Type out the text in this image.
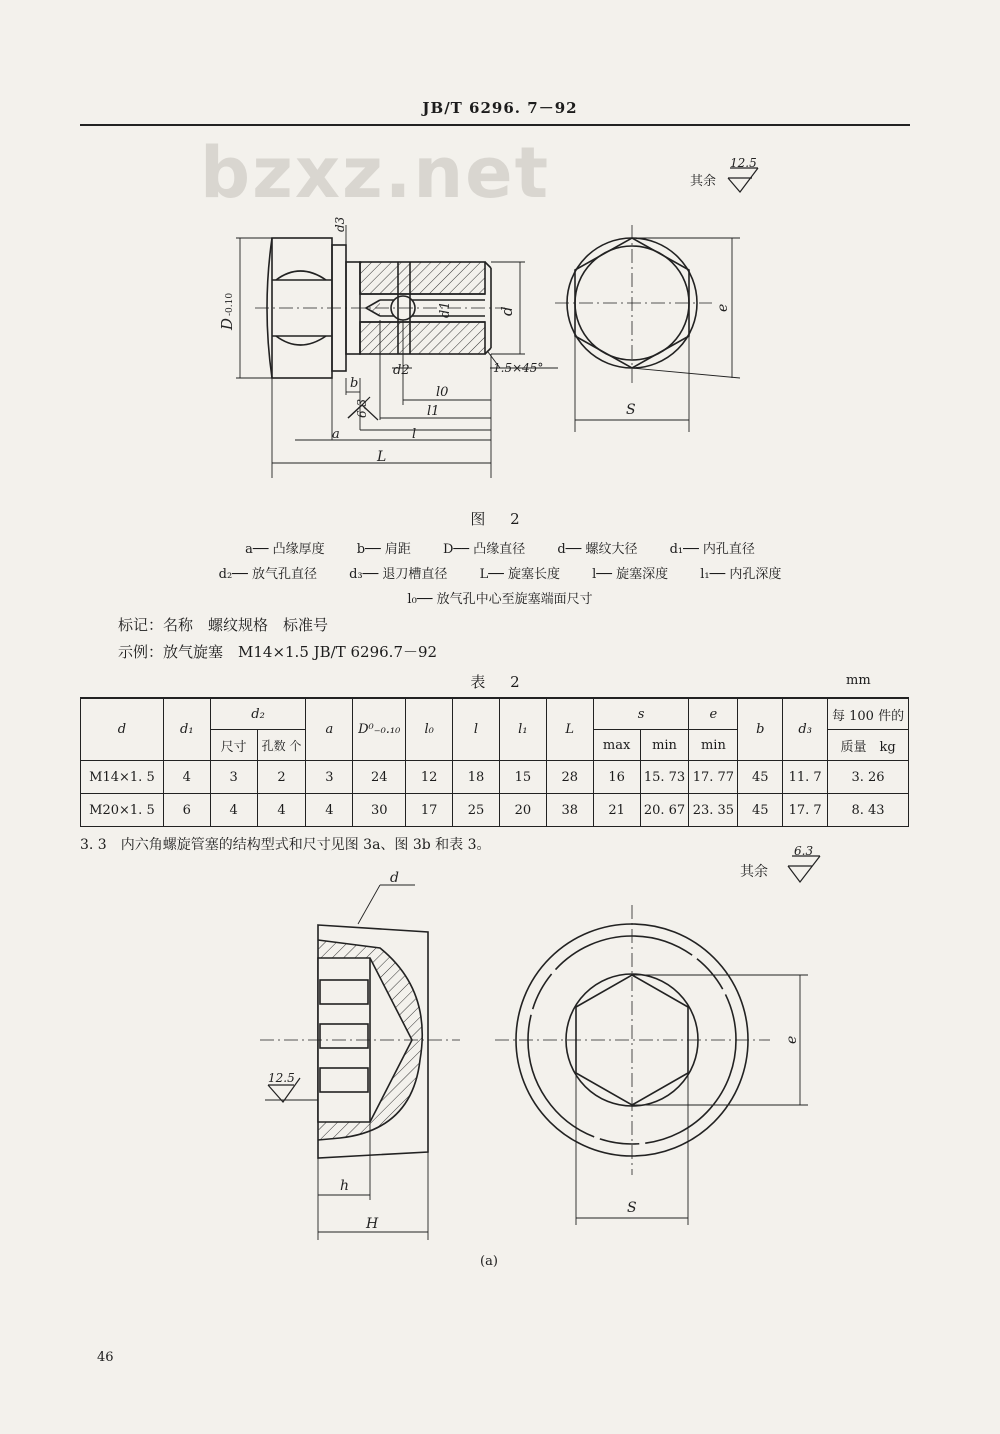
JB/T 6296. 7－92
bzxz.net
6.3
D
-0.10	d
d1
d3
d2
b
l0
l1
l
a
L
1.5×45°
e
S
其余
12.5
图 2
a── 凸缘厚度 b── 肩距 D── 凸缘直径 d── 螺纹大径 d₁── 内孔直径
d₂── 放气孔直径 d₃── 退刀槽直径 L── 旋塞长度 l── 旋塞深度 l₁── 内孔深度
l₀── 放气孔中心至旋塞端面尺寸
标记：名称　螺纹规格　标准号
示例：放气旋塞　M14×1.5 JB/T 6296.7－92
表 2	mm
d	d₁	d₂		a	D⁰₋₀.₁₀	l₀	l	l₁	L	s		e	b	d₃	每 100 件的
		尺寸	孔数 个							max	min	min			质量　kg
M14×1. 5	4	3	2	3	24	12	18	15	28	16	15. 73	17. 77	45	11. 7	3. 26
M20×1. 5	6	4	4	4	30	17	25	20	38	21	20. 67	23. 35	45	17. 7	8. 43
3. 3　内六角螺旋管塞的结构型式和尺寸见图 3a、图 3b 和表 3。
其余
6.3
d
h
H
12.5
e
S
(a)
46
